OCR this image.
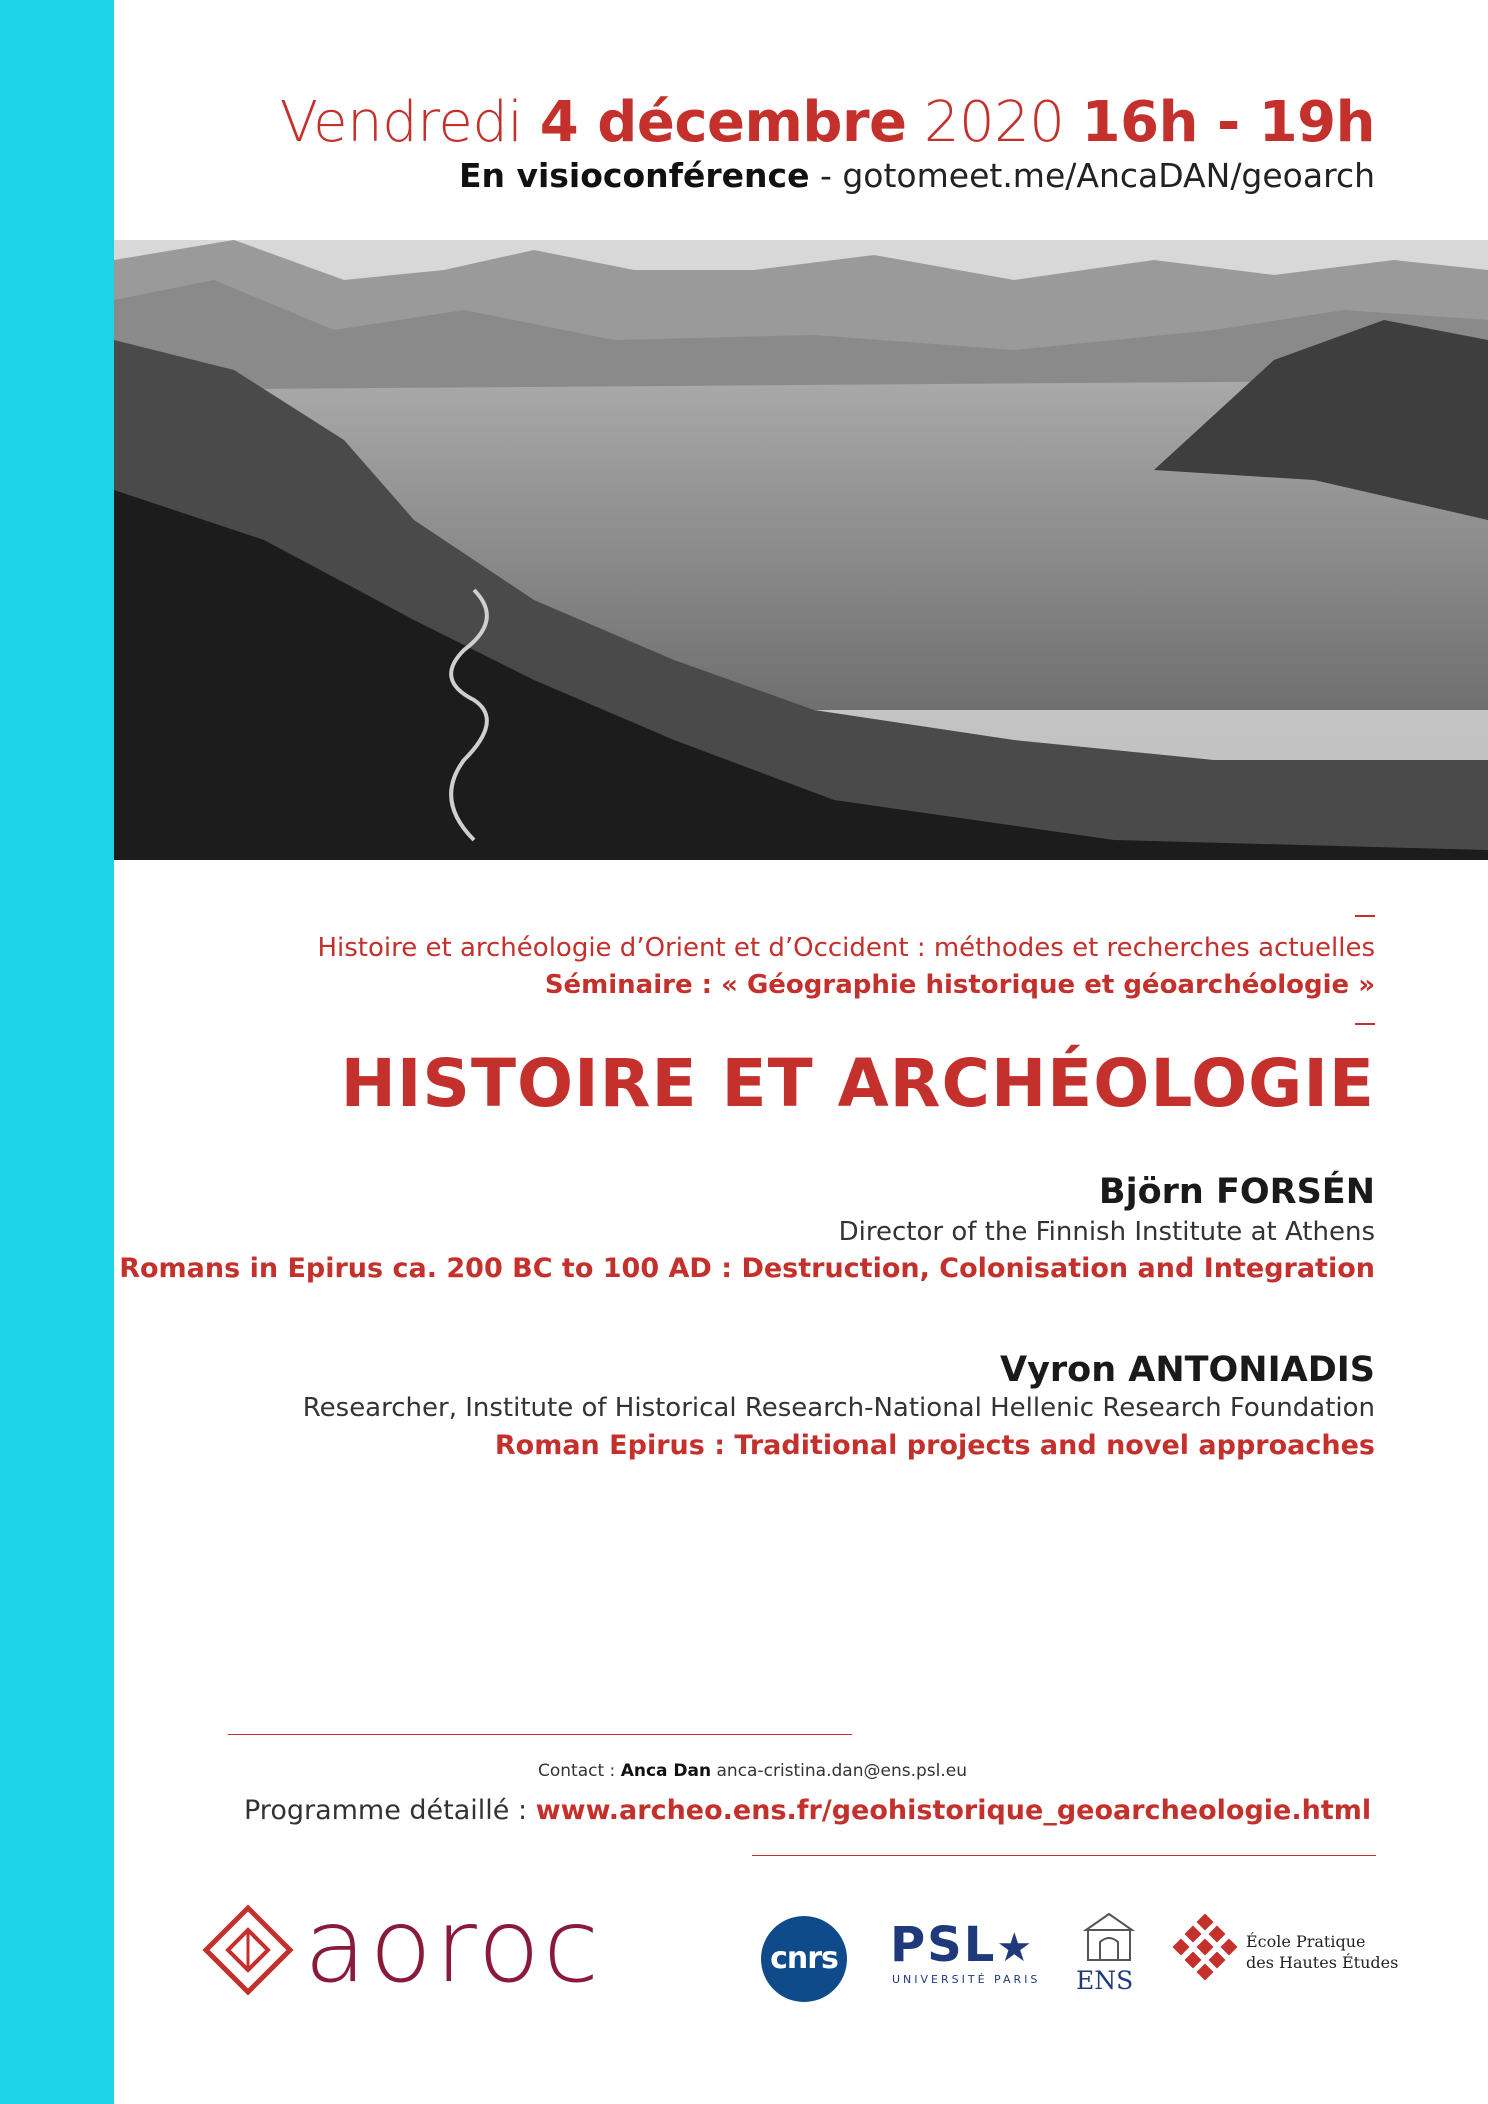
Vendredi 4 décembre 2020 16h - 19h
En visioconférence - gotomeet.me/AncaDAN/geoarch
Histoire et archéologie d’Orient et d’Occident : méthodes et recherches actuelles
Séminaire : « Géographie historique et géoarchéologie »
HISTOIRE ET ARCHÉOLOGIE
Björn FORSÉN
Director of the Finnish Institute at Athens
Romans in Epirus ca. 200 BC to 100 AD : Destruction, Colonisation and Integration
Vyron ANTONIADIS
Researcher, Institute of Historical Research-National Hellenic Research Foundation
Roman Epirus : Traditional projects and novel approaches
Contact : Anca Dan anca-cristina.dan@ens.psl.eu
Programme détaillé : www.archeo.ens.fr/geohistorique_geoarcheologie.html
aoroc	cnrs PSL★
UNIVERSITÉ PARIS ENS
École Pratique
des Hautes Études
